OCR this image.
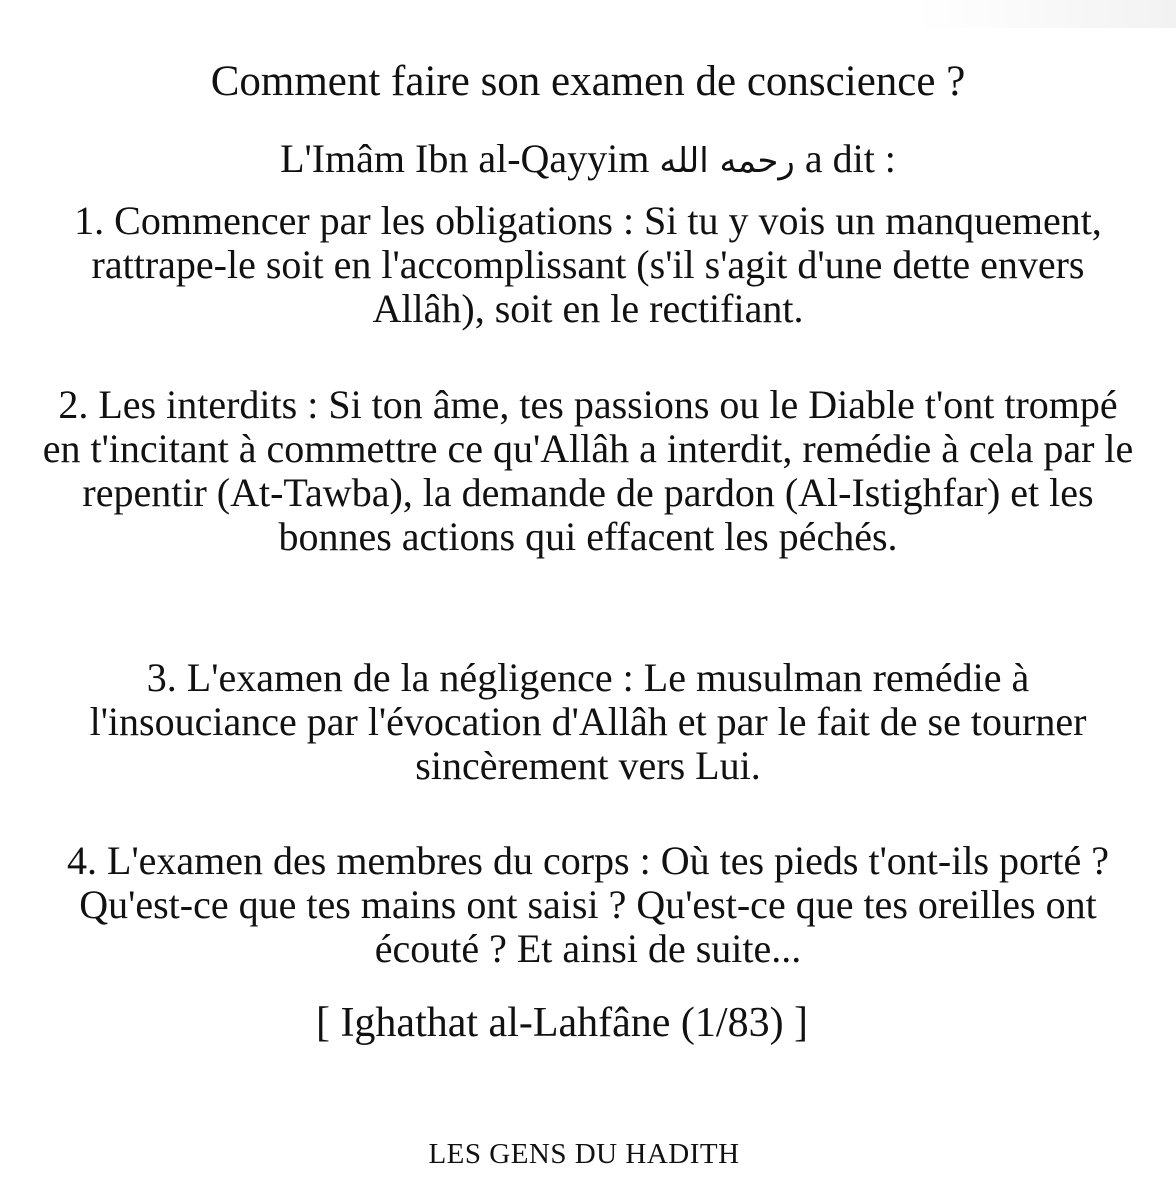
Comment faire son examen de conscience ?
L'Imâm Ibn al-Qayyim رحمه الله a dit :

1. Commencer par les obligations : Si tu y vois un manquement, rattrape-le soit en l'accomplissant (s'il s'agit d'une dette envers Allâh), soit en le rectifiant.

2. Les interdits : Si ton âme, tes passions ou le Diable t'ont trompé en t'incitant à commettre ce qu'Allâh a interdit, remédie à cela par le repentir (At-Tawba), la demande de pardon (Al-Istighfar) et les bonnes actions qui effacent les péchés.

3. L'examen de la négligence : Le musulman remédie à l'insouciance par l'évocation d'Allâh et par le fait de se tourner sincèrement vers Lui.

4. L'examen des membres du corps : Où tes pieds t'ont-ils porté ? Qu'est-ce que tes mains ont saisi ? Qu'est-ce que tes oreilles ont écouté ? Et ainsi de suite...

[ Ighathat al-Lahfâne (1/83) ]
LES GENS DU HADITH
